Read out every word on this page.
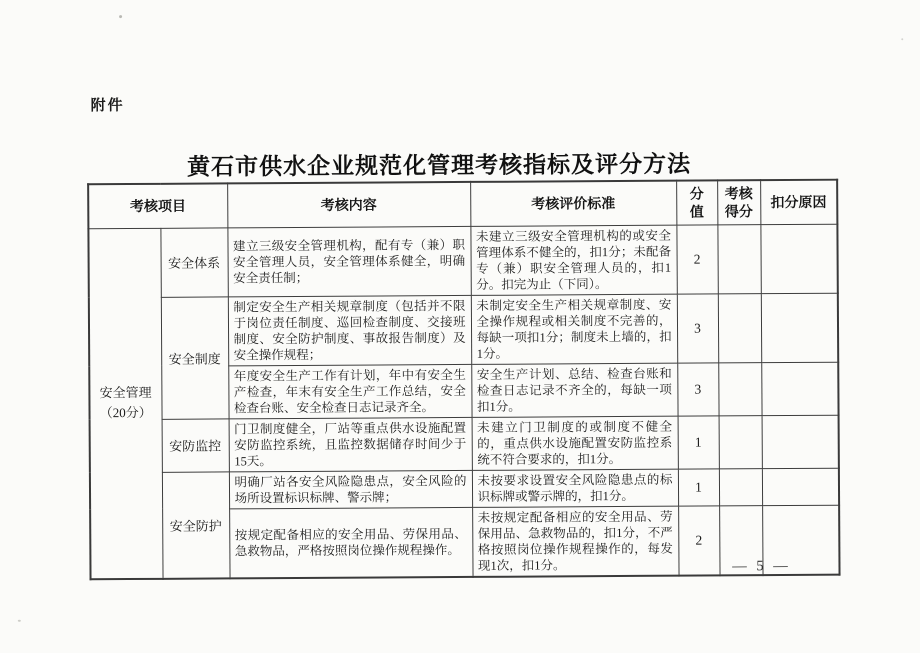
附件
黄石市供水企业规范化管理考核指标及评分方法
考核项目		考核内容	考核评价标准	分值	考核得分	扣分原因

安全管理
（20分）	安全体系	建立三级安全管理机构，配有专（兼）职安全管理人员，安全管理体系健全，明确安全责任制；	未建立三级安全管理机构的或安全管理体系不健全的，扣1分；未配备专（兼）职安全管理人员的，扣1分。扣完为止（下同）。	2		
	安全制度	制定安全生产相关规章制度（包括并不限于岗位责任制度、巡回检查制度、交接班制度、安全防护制度、事故报告制度）及安全操作规程；	未制定安全生产相关规章制度、安全操作规程或相关制度不完善的，每缺一项扣1分；制度未上墙的，扣1分。	3		
		年度安全生产工作有计划，年中有安全生产检查，年末有安全生产工作总结，安全检查台账、安全检查日志记录齐全。	安全生产计划、总结、检查台账和检查日志记录不齐全的，每缺一项扣1分。	3		
	安防监控	门卫制度健全，厂站等重点供水设施配置安防监控系统，且监控数据储存时间少于15天。	未建立门卫制度的或制度不健全的，重点供水设施配置安防监控系统不符合要求的，扣1分。	1		
	安全防护	明确厂站各安全风险隐患点，安全风险的场所设置标识标牌、警示牌；	未按要求设置安全风险隐患点的标识标牌或警示牌的，扣1分。	1		
		按规定配备相应的安全用品、劳保用品、急救物品，严格按照岗位操作规程操作。	未按规定配备相应的安全用品、劳保用品、急救物品的，扣1分，不严格按照岗位操作规程操作的，每发现1次，扣1分。	2		
— 5 —
